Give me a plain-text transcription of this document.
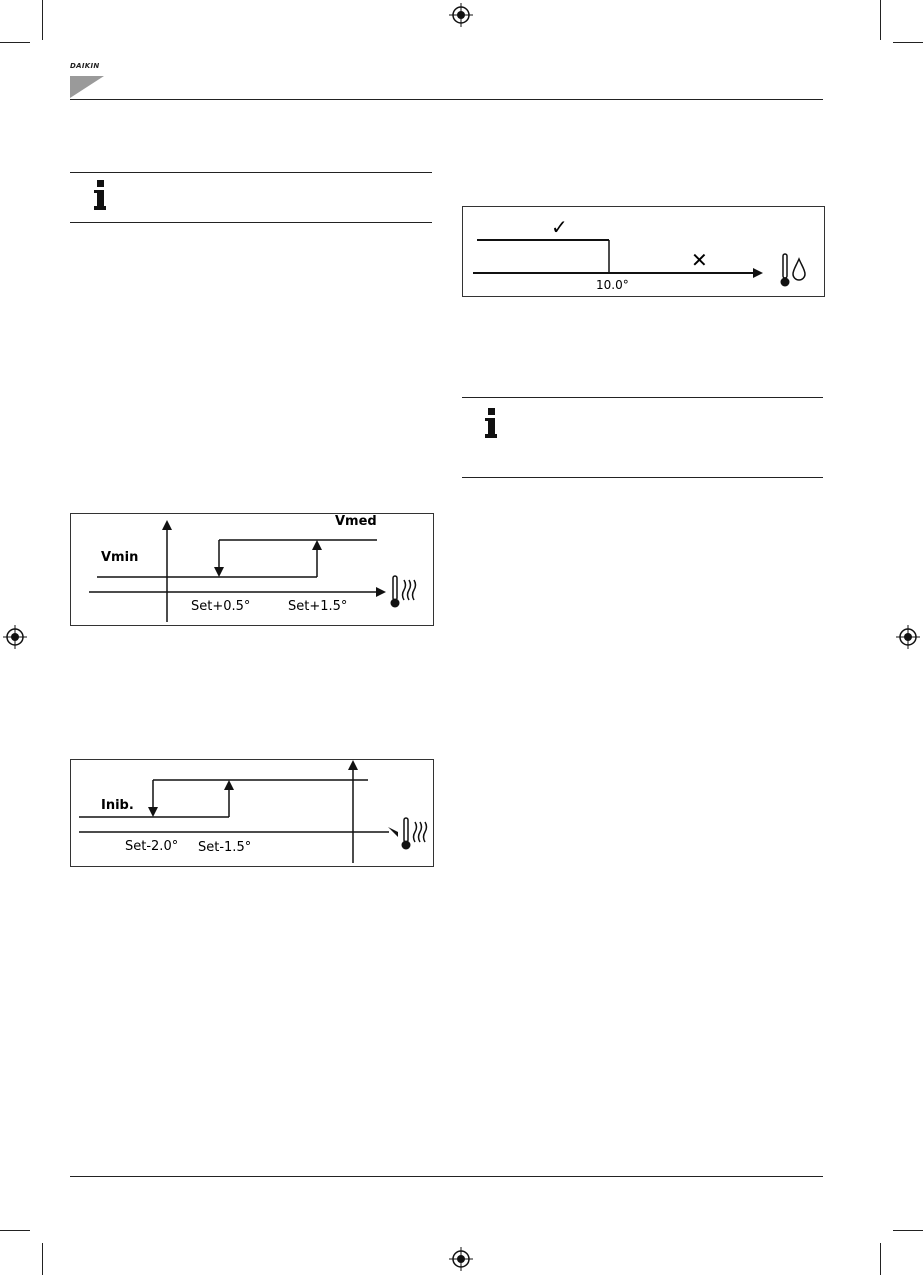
DAIKIN
✓
✕
10.0°
Vmin
Vmed
Set+0.5°	Set+1.5°
Inib.
Set-2.0° Set-1.5°
